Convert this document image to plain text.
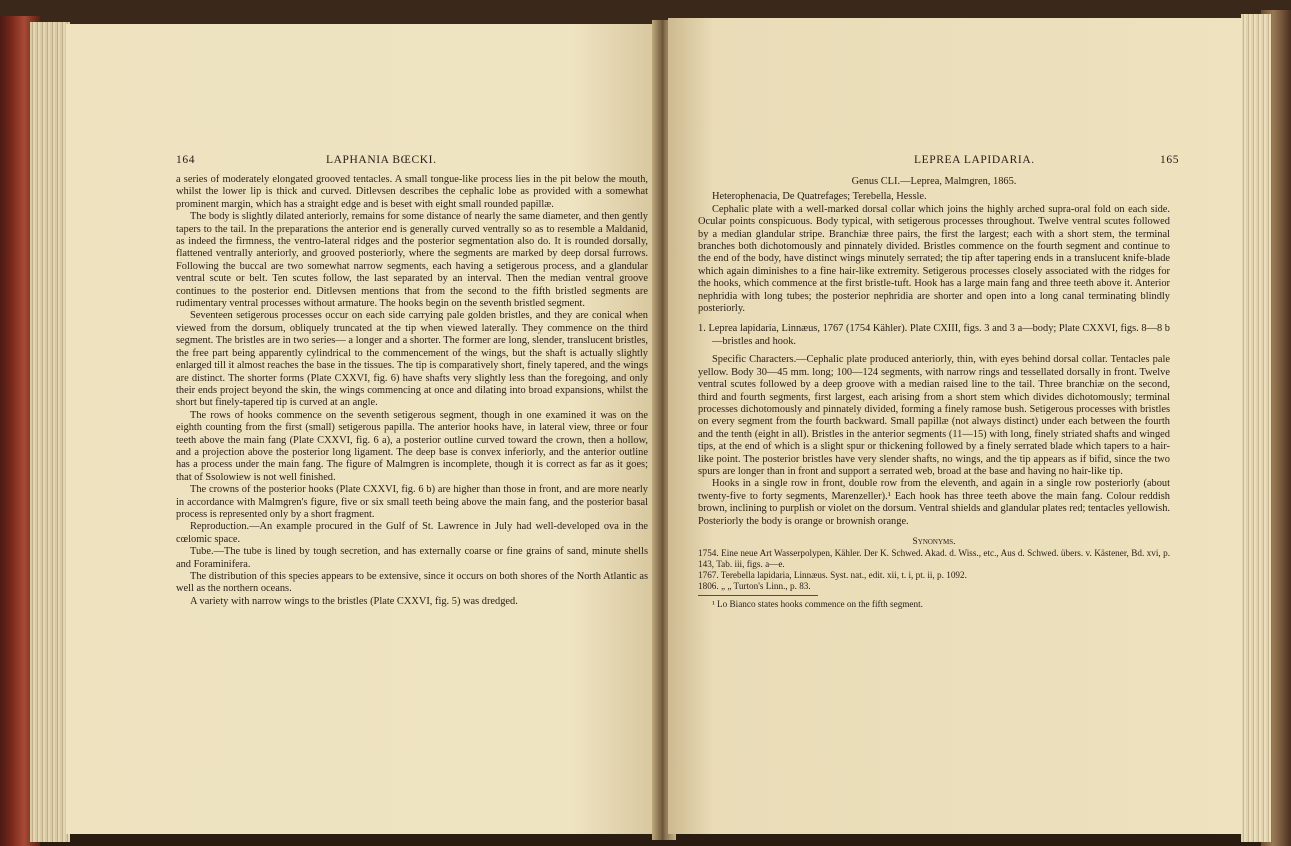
164	LAPHANIA BŒCKI.

a series of moderately elongated grooved tentacles. A small tongue-like process lies in the pit below the mouth, whilst the lower lip is thick and curved. Ditlevsen describes the cephalic lobe as provided with a somewhat prominent margin, which has a straight edge and is beset with eight small rounded papillæ.

The body is slightly dilated anteriorly, remains for some distance of nearly the same diameter, and then gently tapers to the tail. In the preparations the anterior end is generally curved ventrally so as to resemble a Maldanid, as indeed the firmness, the ventro-lateral ridges and the posterior segmentation also do. It is rounded dorsally, flattened ventrally anteriorly, and grooved posteriorly, where the segments are marked by deep dorsal furrows. Following the buccal are two somewhat narrow segments, each having a setigerous process, and a glandular ventral scute or belt. Ten scutes follow, the last separated by an interval. Then the median ventral groove continues to the posterior end. Ditlevsen mentions that from the second to the fifth bristled segments are rudimentary ventral processes without armature. The hooks begin on the seventh bristled segment.

Seventeen setigerous processes occur on each side carrying pale golden bristles, and they are conical when viewed from the dorsum, obliquely truncated at the tip when viewed laterally. They commence on the third segment. The bristles are in two series— a longer and a shorter. The former are long, slender, translucent bristles, the free part being apparently cylindrical to the commencement of the wings, but the shaft is actually slightly enlarged till it almost reaches the base in the tissues. The tip is comparatively short, finely tapered, and the wings are distinct. The shorter forms (Plate CXXVI, fig. 6) have shafts very slightly less than the foregoing, and only their ends project beyond the skin, the wings commencing at once and dilating into broad expansions, whilst the short but finely-tapered tip is curved at an angle.

The rows of hooks commence on the seventh setigerous segment, though in one examined it was on the eighth counting from the first (small) setigerous papilla. The anterior hooks have, in lateral view, three or four teeth above the main fang (Plate CXXVI, fig. 6 a), a posterior outline curved toward the crown, then a hollow, and a projection above the posterior long ligament. The deep base is convex inferiorly, and the anterior outline has a process under the main fang. The figure of Malmgren is incomplete, though it is correct as far as it goes; that of Ssolowiew is not well finished.

The crowns of the posterior hooks (Plate CXXVI, fig. 6 b) are higher than those in front, and are more nearly in accordance with Malmgren's figure, five or six small teeth being above the main fang, and the posterior basal process is represented only by a short fragment.

Reproduction.—An example procured in the Gulf of St. Lawrence in July had well-developed ova in the cœlomic space.

Tube.—The tube is lined by tough secretion, and has externally coarse or fine grains of sand, minute shells and Foraminifera.

The distribution of this species appears to be extensive, since it occurs on both shores of the North Atlantic as well as the northern oceans.

A variety with narrow wings to the bristles (Plate CXXVI, fig. 5) was dredged.

LEPREA LAPIDARIA.	165

Genus CLI.—Leprea, Malmgren, 1865.

Heterophenacia, De Quatrefages; Terebella, Hessle.

Cephalic plate with a well-marked dorsal collar which joins the highly arched supra-oral fold on each side. Ocular points conspicuous. Body typical, with setigerous processes throughout. Twelve ventral scutes followed by a median glandular stripe. Branchiæ three pairs, the first the largest; each with a short stem, the terminal branches both dichotomously and pinnately divided. Bristles commence on the fourth segment and continue to the end of the body, have distinct wings minutely serrated; the tip after tapering ends in a translucent knife-blade which again diminishes to a fine hair-like extremity. Setigerous processes closely associated with the ridges for the hooks, which commence at the first bristle-tuft. Hook has a large main fang and three teeth above it. Anterior nephridia with long tubes; the posterior nephridia are shorter and open into a long canal terminating blindly posteriorly.

1. Leprea lapidaria, Linnæus, 1767 (1754 Kähler). Plate CXIII, figs. 3 and 3 a—body; Plate CXXVI, figs. 8—8 b—bristles and hook.

Specific Characters.—Cephalic plate produced anteriorly, thin, with eyes behind dorsal collar. Tentacles pale yellow. Body 30—45 mm. long; 100—124 segments, with narrow rings and tessellated dorsally in front. Twelve ventral scutes followed by a deep groove with a median raised line to the tail. Three branchiæ on the second, third and fourth segments, first largest, each arising from a short stem which divides dichotomously; terminal processes dichotomously and pinnately divided, forming a finely ramose bush. Setigerous processes with bristles on every segment from the fourth backward. Small papillæ (not always distinct) under each between the fourth and the tenth (eight in all). Bristles in the anterior segments (11—15) with long, finely striated shafts and winged tips, at the end of which is a slight spur or thickening followed by a finely serrated blade which tapers to a hair-like point. The posterior bristles have very slender shafts, no wings, and the tip appears as if bifid, since the two spurs are longer than in front and support a serrated web, broad at the base and having no hair-like tip.

Hooks in a single row in front, double row from the eleventh, and again in a single row posteriorly (about twenty-five to forty segments, Marenzeller).¹ Each hook has three teeth above the main fang. Colour reddish brown, inclining to purplish or violet on the dorsum. Ventral shields and glandular plates red; tentacles yellowish. Posteriorly the body is orange or brownish orange.

Synonyms.

1754. Eine neue Art Wasserpolypen, Kähler. Der K. Schwed. Akad. d. Wiss., etc., Aus d. Schwed. übers. v. Kästener, Bd. xvi, p. 143, Tab. iii, figs. a—e.

1767. Terebella lapidaria, Linnæus. Syst. nat., edit. xii, t. i, pt. ii, p. 1092.

1806. „ „ Turton's Linn., p. 83.

¹ Lo Bianco states hooks commence on the fifth segment.
